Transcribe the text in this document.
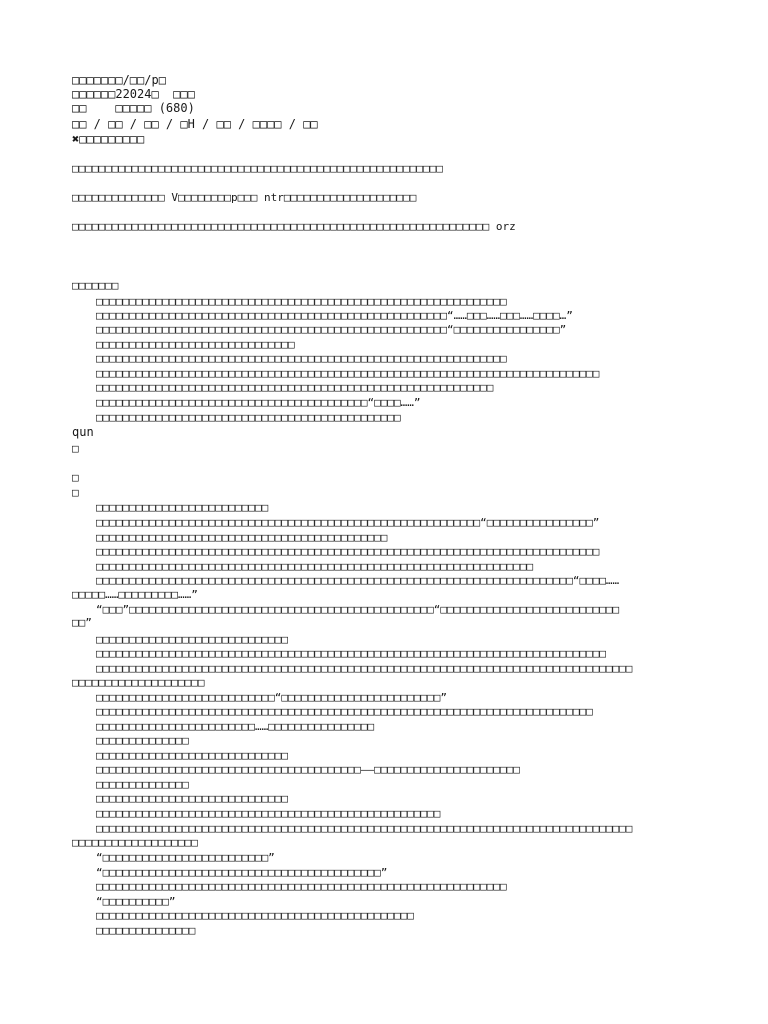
□□□□□□□/□□/p□
□□□□□□22024□  □□□
□□    □□□□□ (680)
□□ / □□ / □□ / □H / □□ / □□□□ / □□
✖□□□□□□□□□
□□□□□□□□□□□□□□□□□□□□□□□□□□□□□□□□□□□□□□□□□□□□□□□□□□□□□□□□
□□□□□□□□□□□□□□ V□□□□□□□□p□□□ ntr□□□□□□□□□□□□□□□□□□□□
□□□□□□□□□□□□□□□□□□□□□□□□□□□□□□□□□□□□□□□□□□□□□□□□□□□□□□□□□□□□□□□ orz
□□□□□□□
□□□□□□□□□□□□□□□□□□□□□□□□□□□□□□□□□□□□□□□□□□□□□□□□□□□□□□□□□□□□□□
□□□□□□□□□□□□□□□□□□□□□□□□□□□□□□□□□□□□□□□□□□□□□□□□□□□□□“……□□□……□□□……□□□□…”
□□□□□□□□□□□□□□□□□□□□□□□□□□□□□□□□□□□□□□□□□□□□□□□□□□□□□“□□□□□□□□□□□□□□□□”
□□□□□□□□□□□□□□□□□□□□□□□□□□□□□□
□□□□□□□□□□□□□□□□□□□□□□□□□□□□□□□□□□□□□□□□□□□□□□□□□□□□□□□□□□□□□□
□□□□□□□□□□□□□□□□□□□□□□□□□□□□□□□□□□□□□□□□□□□□□□□□□□□□□□□□□□□□□□□□□□□□□□□□□□□□
□□□□□□□□□□□□□□□□□□□□□□□□□□□□□□□□□□□□□□□□□□□□□□□□□□□□□□□□□□□□
□□□□□□□□□□□□□□□□□□□□□□□□□□□□□□□□□□□□□□□□□“□□□□……”
□□□□□□□□□□□□□□□□□□□□□□□□□□□□□□□□□□□□□□□□□□□□□□
qun
□
□
□
□□□□□□□□□□□□□□□□□□□□□□□□□□
□□□□□□□□□□□□□□□□□□□□□□□□□□□□□□□□□□□□□□□□□□□□□□□□□□□□□□□□□□“□□□□□□□□□□□□□□□□”
□□□□□□□□□□□□□□□□□□□□□□□□□□□□□□□□□□□□□□□□□□□□
□□□□□□□□□□□□□□□□□□□□□□□□□□□□□□□□□□□□□□□□□□□□□□□□□□□□□□□□□□□□□□□□□□□□□□□□□□□□
□□□□□□□□□□□□□□□□□□□□□□□□□□□□□□□□□□□□□□□□□□□□□□□□□□□□□□□□□□□□□□□□□□
□□□□□□□□□□□□□□□□□□□□□□□□□□□□□□□□□□□□□□□□□□□□□□□□□□□□□□□□□□□□□□□□□□□□□□□□“□□□□……
□□□□□……□□□□□□□□□……”
“□□□”□□□□□□□□□□□□□□□□□□□□□□□□□□□□□□□□□□□□□□□□□□□□□□“□□□□□□□□□□□□□□□□□□□□□□□□□□□
□□”
□□□□□□□□□□□□□□□□□□□□□□□□□□□□□
□□□□□□□□□□□□□□□□□□□□□□□□□□□□□□□□□□□□□□□□□□□□□□□□□□□□□□□□□□□□□□□□□□□□□□□□□□□□□
□□□□□□□□□□□□□□□□□□□□□□□□□□□□□□□□□□□□□□□□□□□□□□□□□□□□□□□□□□□□□□□□□□□□□□□□□□□□□□□□□
□□□□□□□□□□□□□□□□□□□□
□□□□□□□□□□□□□□□□□□□□□□□□□□□“□□□□□□□□□□□□□□□□□□□□□□□□”
□□□□□□□□□□□□□□□□□□□□□□□□□□□□□□□□□□□□□□□□□□□□□□□□□□□□□□□□□□□□□□□□□□□□□□□□□□□
□□□□□□□□□□□□□□□□□□□□□□□□……□□□□□□□□□□□□□□□□
□□□□□□□□□□□□□□
□□□□□□□□□□□□□□□□□□□□□□□□□□□□□
□□□□□□□□□□□□□□□□□□□□□□□□□□□□□□□□□□□□□□□□——□□□□□□□□□□□□□□□□□□□□□□
□□□□□□□□□□□□□□
□□□□□□□□□□□□□□□□□□□□□□□□□□□□□
□□□□□□□□□□□□□□□□□□□□□□□□□□□□□□□□□□□□□□□□□□□□□□□□□□□□
□□□□□□□□□□□□□□□□□□□□□□□□□□□□□□□□□□□□□□□□□□□□□□□□□□□□□□□□□□□□□□□□□□□□□□□□□□□□□□□□□
□□□□□□□□□□□□□□□□□□□
“□□□□□□□□□□□□□□□□□□□□□□□□□”
“□□□□□□□□□□□□□□□□□□□□□□□□□□□□□□□□□□□□□□□□□□”
□□□□□□□□□□□□□□□□□□□□□□□□□□□□□□□□□□□□□□□□□□□□□□□□□□□□□□□□□□□□□□
“□□□□□□□□□□”
□□□□□□□□□□□□□□□□□□□□□□□□□□□□□□□□□□□□□□□□□□□□□□□□
□□□□□□□□□□□□□□□
